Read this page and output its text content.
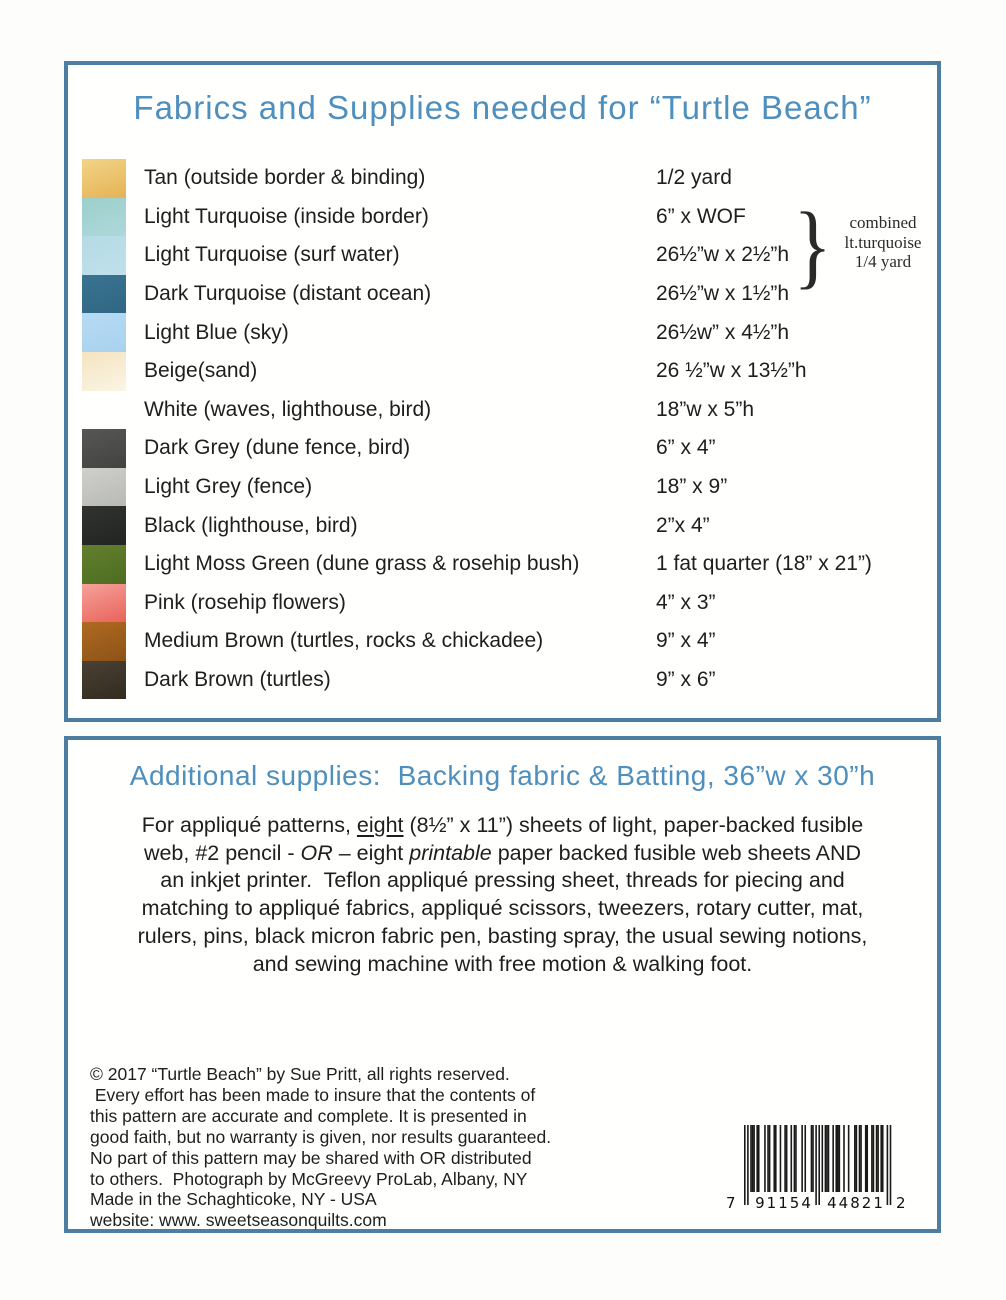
Fabrics and Supplies needed for “Turtle Beach”
Tan (outside border & binding)	1/2 yard
Light Turquoise (inside border)	6” x WOF
Light Turquoise (surf water)	26½”w x 2½”h
Dark Turquoise (distant ocean)	26½”w x 1½”h
Light Blue (sky)	26½w” x 4½”h
Beige(sand)	26 ½”w x 13½”h
White (waves, lighthouse, bird)	18”w x 5”h
Dark Grey (dune fence, bird)	6” x 4”
Light Grey (fence)	18” x 9”
Black (lighthouse, bird)	2”x 4”
Light Moss Green (dune grass & rosehip bush)	1 fat quarter (18” x 21”)
Pink (rosehip flowers)	4” x 3”
Medium Brown (turtles, rocks & chickadee)	9” x 4”
Dark Brown (turtles)	9” x 6”
}	combined
lt.turquoise
1/4 yard
Additional supplies:  Backing fabric & Batting, 36”w x 30”h
For appliqué patterns, eight (8½” x 11”) sheets of light, paper-backed fusible
web, #2 pencil - OR – eight printable paper backed fusible web sheets AND
an inkjet printer.  Teflon appliqué pressing sheet, threads for piecing and
matching to appliqué fabrics, appliqué scissors, tweezers, rotary cutter, mat,
rulers, pins, black micron fabric pen, basting spray, the usual sewing notions,
and sewing machine with free motion & walking foot.
© 2017 “Turtle Beach” by Sue Pritt, all rights reserved.
Every effort has been made to insure that the contents of
this pattern are accurate and complete. It is presented in
good faith, but no warranty is given, nor results guaranteed.
No part of this pattern may be shared with OR distributed
to others.  Photograph by McGreevy ProLab, Albany, NY
Made in the Schaghticoke, NY - USA
website: www. sweetseasonquilts.com
7 91154 44821 2
